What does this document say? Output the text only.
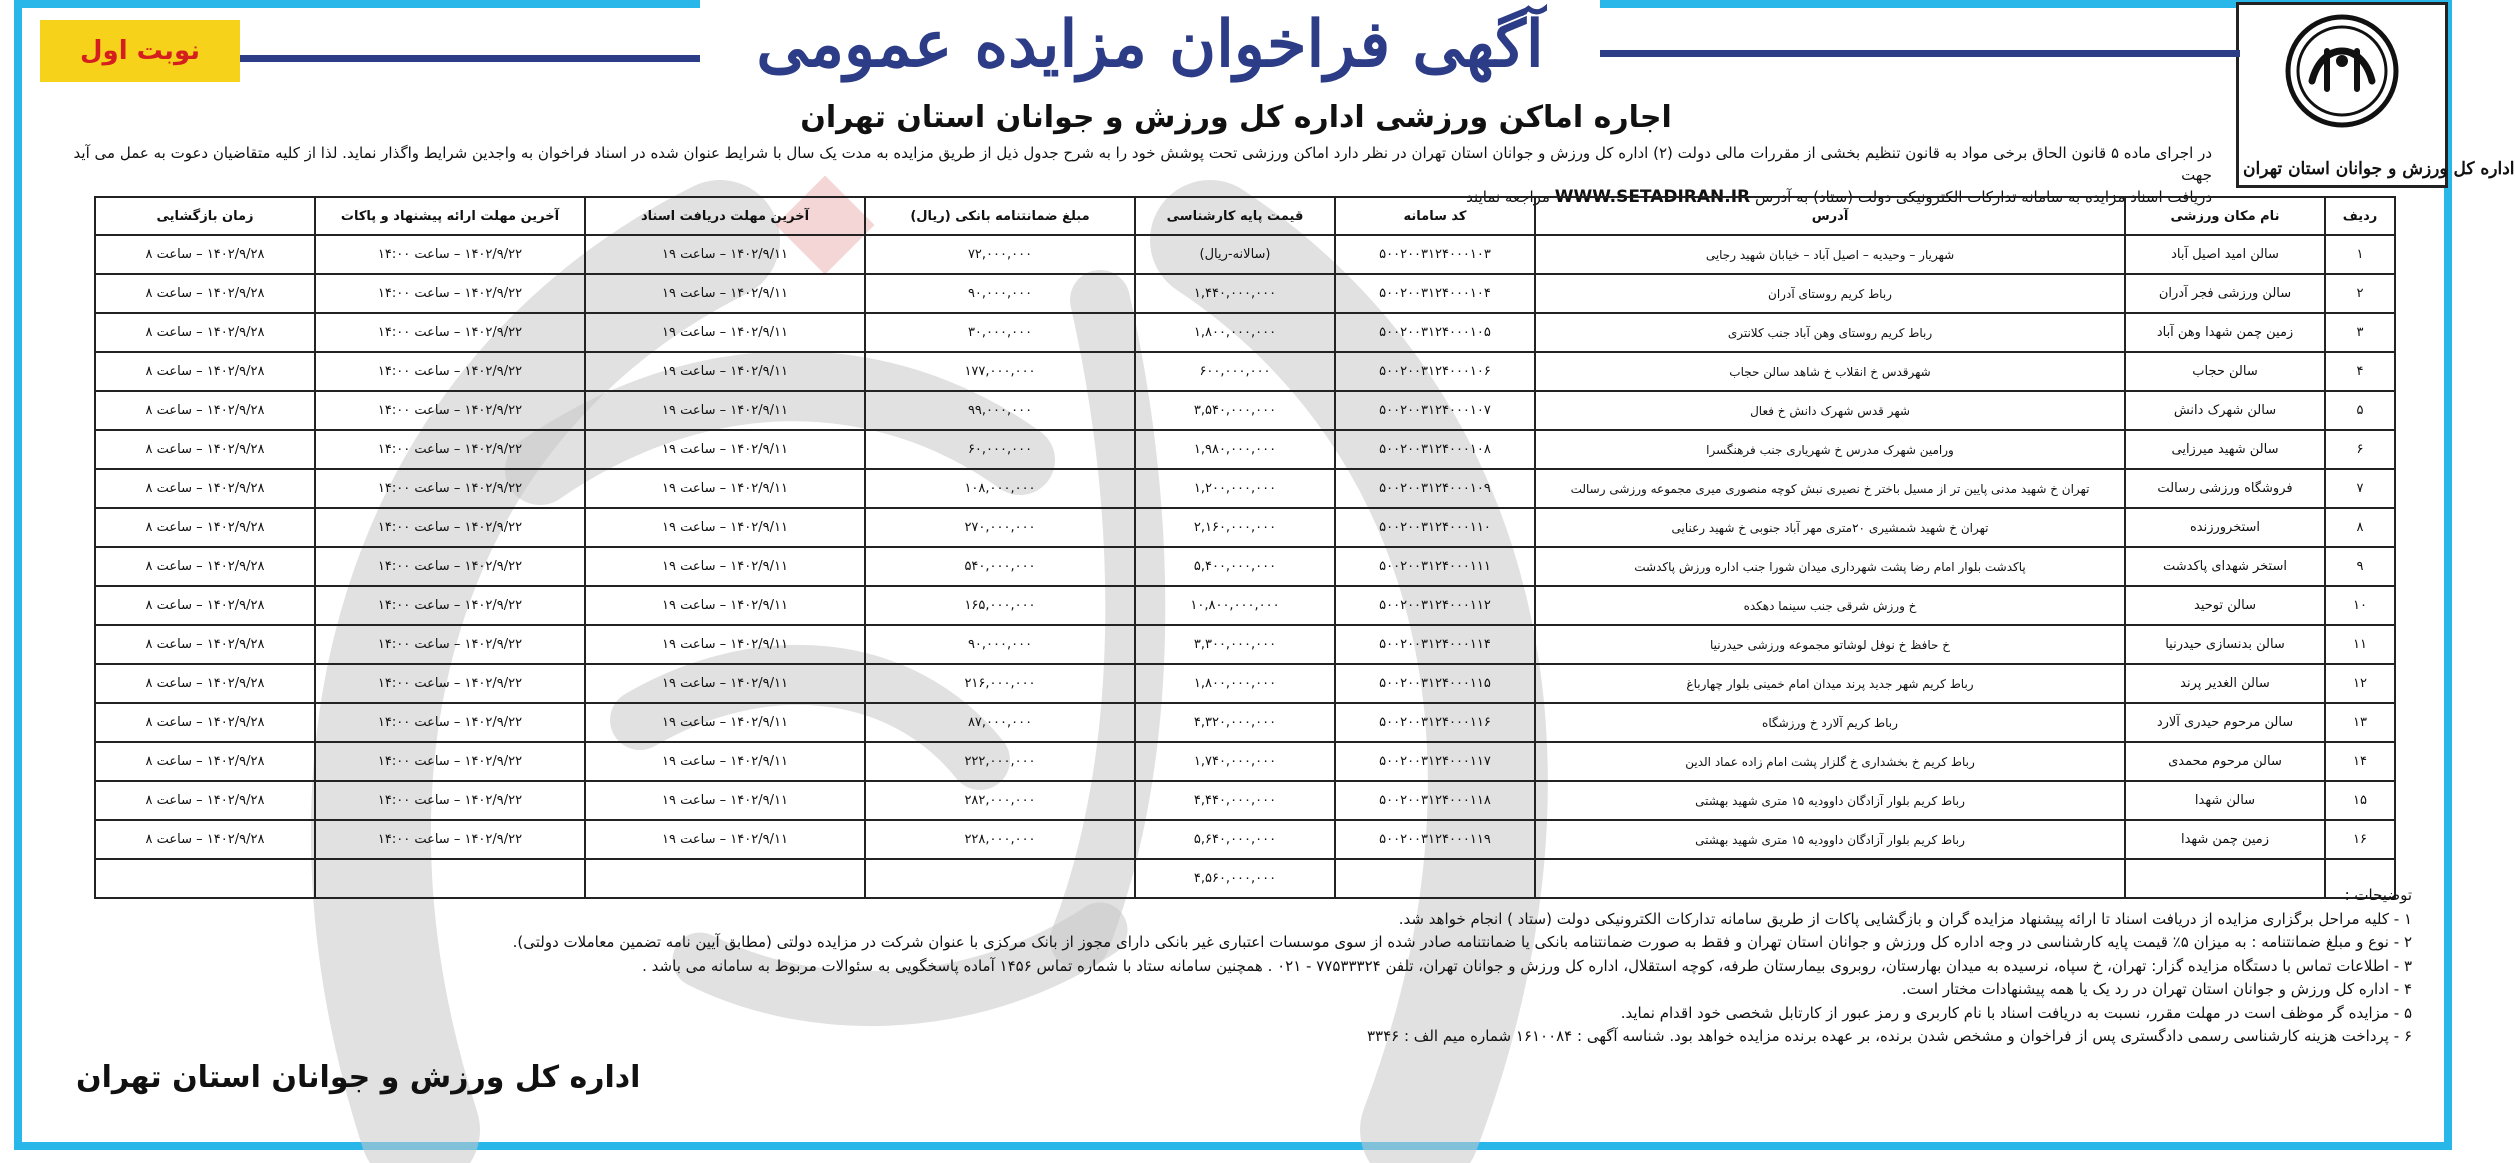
اداره کل ورزش و جوانان استان تهران
آگهی فراخوان مزایده عمومی
نوبت اول
اجاره اماکن ورزشی اداره کل ورزش و جوانان استان تهران
در اجرای ماده ۵ قانون الحاق برخی مواد به قانون تنظیم بخشی از مقررات مالی دولت (۲) اداره کل ورزش و جوانان استان تهران در نظر دارد اماکن ورزشی تحت پوشش خود را به شرح جدول ذیل از طریق مزایده به مدت یک سال با شرایط عنوان شده در اسناد فراخوان به واجدین شرایط واگذار نماید. لذا از کلیه متقاضیان دعوت به عمل می آید جهت
دریافت اسناد مزایده به سامانه تدارکات الکترونیکی دولت (ستاد) به آدرس WWW.SETADIRAN.IR مراجعه نمایند
ردیف	نام مکان ورزشی	آدرس	کد سامانه	قیمت پایه کارشناسی	مبلغ ضمانتنامه بانکی (ریال)	آخرین مهلت دریافت اسناد	آخرین مهلت ارائه پیشنهاد و پاکات	زمان بازگشایی
۱	سالن امید اصیل آباد	شهریار – وحیدیه – اصیل آباد – خیابان شهید رجایی	۵۰۰۲۰۰۳۱۲۴۰۰۰۱۰۳	(سالانه-ریال)	۷۲,۰۰۰,۰۰۰	۱۴۰۲/۹/۱۱ – ساعت ۱۹	۱۴۰۲/۹/۲۲ – ساعت ۱۴:۰۰	۱۴۰۲/۹/۲۸ – ساعت ۸
۲	سالن ورزشی فجر آدران	رباط کریم روستای آدران	۵۰۰۲۰۰۳۱۲۴۰۰۰۱۰۴	۱,۴۴۰,۰۰۰,۰۰۰	۹۰,۰۰۰,۰۰۰	۱۴۰۲/۹/۱۱ – ساعت ۱۹	۱۴۰۲/۹/۲۲ – ساعت ۱۴:۰۰	۱۴۰۲/۹/۲۸ – ساعت ۸
۳	زمین چمن شهدا وهن آباد	رباط کریم روستای وهن آباد جنب کلانتری	۵۰۰۲۰۰۳۱۲۴۰۰۰۱۰۵	۱,۸۰۰,۰۰۰,۰۰۰	۳۰,۰۰۰,۰۰۰	۱۴۰۲/۹/۱۱ – ساعت ۱۹	۱۴۰۲/۹/۲۲ – ساعت ۱۴:۰۰	۱۴۰۲/۹/۲۸ – ساعت ۸
۴	سالن حجاب	شهرقدس خ انقلاب خ شاهد سالن حجاب	۵۰۰۲۰۰۳۱۲۴۰۰۰۱۰۶	۶۰۰,۰۰۰,۰۰۰	۱۷۷,۰۰۰,۰۰۰	۱۴۰۲/۹/۱۱ – ساعت ۱۹	۱۴۰۲/۹/۲۲ – ساعت ۱۴:۰۰	۱۴۰۲/۹/۲۸ – ساعت ۸
۵	سالن شهرک دانش	شهر قدس شهرک دانش خ فعال	۵۰۰۲۰۰۳۱۲۴۰۰۰۱۰۷	۳,۵۴۰,۰۰۰,۰۰۰	۹۹,۰۰۰,۰۰۰	۱۴۰۲/۹/۱۱ – ساعت ۱۹	۱۴۰۲/۹/۲۲ – ساعت ۱۴:۰۰	۱۴۰۲/۹/۲۸ – ساعت ۸
۶	سالن شهید میرزایی	ورامین شهرک مدرس خ شهریاری جنب فرهنگسرا	۵۰۰۲۰۰۳۱۲۴۰۰۰۱۰۸	۱,۹۸۰,۰۰۰,۰۰۰	۶۰,۰۰۰,۰۰۰	۱۴۰۲/۹/۱۱ – ساعت ۱۹	۱۴۰۲/۹/۲۲ – ساعت ۱۴:۰۰	۱۴۰۲/۹/۲۸ – ساعت ۸
۷	فروشگاه ورزشی رسالت	تهران خ شهید مدنی پایین تر از مسیل باختر خ نصیری نبش کوچه منصوری میری مجموعه ورزشی رسالت	۵۰۰۲۰۰۳۱۲۴۰۰۰۱۰۹	۱,۲۰۰,۰۰۰,۰۰۰	۱۰۸,۰۰۰,۰۰۰	۱۴۰۲/۹/۱۱ – ساعت ۱۹	۱۴۰۲/۹/۲۲ – ساعت ۱۴:۰۰	۱۴۰۲/۹/۲۸ – ساعت ۸
۸	استخرورزنده	تهران خ شهید شمشیری ۲۰متری مهر آباد جنوبی خ شهید رعنایی	۵۰۰۲۰۰۳۱۲۴۰۰۰۱۱۰	۲,۱۶۰,۰۰۰,۰۰۰	۲۷۰,۰۰۰,۰۰۰	۱۴۰۲/۹/۱۱ – ساعت ۱۹	۱۴۰۲/۹/۲۲ – ساعت ۱۴:۰۰	۱۴۰۲/۹/۲۸ – ساعت ۸
۹	استخر شهدای پاکدشت	پاکدشت بلوار امام رضا پشت شهرداری میدان شورا جنب اداره ورزش پاکدشت	۵۰۰۲۰۰۳۱۲۴۰۰۰۱۱۱	۵,۴۰۰,۰۰۰,۰۰۰	۵۴۰,۰۰۰,۰۰۰	۱۴۰۲/۹/۱۱ – ساعت ۱۹	۱۴۰۲/۹/۲۲ – ساعت ۱۴:۰۰	۱۴۰۲/۹/۲۸ – ساعت ۸
۱۰	سالن توحید	خ ورزش شرقی جنب سینما دهکده	۵۰۰۲۰۰۳۱۲۴۰۰۰۱۱۲	۱۰,۸۰۰,۰۰۰,۰۰۰	۱۶۵,۰۰۰,۰۰۰	۱۴۰۲/۹/۱۱ – ساعت ۱۹	۱۴۰۲/۹/۲۲ – ساعت ۱۴:۰۰	۱۴۰۲/۹/۲۸ – ساعت ۸
۱۱	سالن بدنسازی حیدرنیا	خ حافظ خ نوفل لوشاتو مجموعه ورزشی حیدرنیا	۵۰۰۲۰۰۳۱۲۴۰۰۰۱۱۴	۳,۳۰۰,۰۰۰,۰۰۰	۹۰,۰۰۰,۰۰۰	۱۴۰۲/۹/۱۱ – ساعت ۱۹	۱۴۰۲/۹/۲۲ – ساعت ۱۴:۰۰	۱۴۰۲/۹/۲۸ – ساعت ۸
۱۲	سالن الغدیر پرند	رباط کریم شهر جدید پرند میدان امام خمینی بلوار چهارباغ	۵۰۰۲۰۰۳۱۲۴۰۰۰۱۱۵	۱,۸۰۰,۰۰۰,۰۰۰	۲۱۶,۰۰۰,۰۰۰	۱۴۰۲/۹/۱۱ – ساعت ۱۹	۱۴۰۲/۹/۲۲ – ساعت ۱۴:۰۰	۱۴۰۲/۹/۲۸ – ساعت ۸
۱۳	سالن مرحوم حیدری آلارد	رباط کریم آلارد خ ورزشگاه	۵۰۰۲۰۰۳۱۲۴۰۰۰۱۱۶	۴,۳۲۰,۰۰۰,۰۰۰	۸۷,۰۰۰,۰۰۰	۱۴۰۲/۹/۱۱ – ساعت ۱۹	۱۴۰۲/۹/۲۲ – ساعت ۱۴:۰۰	۱۴۰۲/۹/۲۸ – ساعت ۸
۱۴	سالن مرحوم محمدی	رباط کریم خ بخشداری خ گلزار پشت امام زاده عماد الدین	۵۰۰۲۰۰۳۱۲۴۰۰۰۱۱۷	۱,۷۴۰,۰۰۰,۰۰۰	۲۲۲,۰۰۰,۰۰۰	۱۴۰۲/۹/۱۱ – ساعت ۱۹	۱۴۰۲/۹/۲۲ – ساعت ۱۴:۰۰	۱۴۰۲/۹/۲۸ – ساعت ۸
۱۵	سالن شهدا	رباط کریم بلوار آزادگان داوودیه ۱۵ متری شهید بهشتی	۵۰۰۲۰۰۳۱۲۴۰۰۰۱۱۸	۴,۴۴۰,۰۰۰,۰۰۰	۲۸۲,۰۰۰,۰۰۰	۱۴۰۲/۹/۱۱ – ساعت ۱۹	۱۴۰۲/۹/۲۲ – ساعت ۱۴:۰۰	۱۴۰۲/۹/۲۸ – ساعت ۸
۱۶	زمین چمن شهدا	رباط کریم بلوار آزادگان داوودیه ۱۵ متری شهید بهشتی	۵۰۰۲۰۰۳۱۲۴۰۰۰۱۱۹	۵,۶۴۰,۰۰۰,۰۰۰	۲۲۸,۰۰۰,۰۰۰	۱۴۰۲/۹/۱۱ – ساعت ۱۹	۱۴۰۲/۹/۲۲ – ساعت ۱۴:۰۰	۱۴۰۲/۹/۲۸ – ساعت ۸
				۴,۵۶۰,۰۰۰,۰۰۰				
توضیحات :
۱ - کلیه مراحل برگزاری مزایده از دریافت اسناد تا ارائه پیشنهاد مزایده گران و بازگشایی پاکات از طریق سامانه تدارکات الکترونیکی دولت (ستاد ) انجام خواهد شد.
۲ - نوع و مبلغ ضمانتنامه : به میزان ۵٪ قیمت پایه کارشناسی در وجه اداره کل ورزش و جوانان استان تهران و فقط به صورت ضمانتنامه بانکی یا ضمانتنامه صادر شده از سوی موسسات اعتباری غیر بانکی دارای مجوز از بانک مرکزی با عنوان شرکت در مزایده دولتی (مطابق آیین نامه تضمین معاملات دولتی).
۳ - اطلاعات تماس با دستگاه مزایده گزار: تهران، خ سپاه، نرسیده به میدان بهارستان، روبروی بیمارستان طرفه، کوچه استقلال، اداره کل ورزش و جوانان تهران، تلفن ۷۷۵۳۳۳۲۴ - ۰۲۱ . همچنین سامانه ستاد با شماره تماس ۱۴۵۶ آماده پاسخگویی به سئوالات مربوط به سامانه می باشد .
۴ - اداره کل ورزش و جوانان استان تهران در رد یک یا همه پیشنهادات مختار است.
۵ - مزایده گر موظف است در مهلت مقرر، نسبت به دریافت اسناد با نام کاربری و رمز عبور از کارتابل شخصی خود اقدام نماید.
۶ - پرداخت هزینه کارشناسی رسمی دادگستری پس از فراخوان و مشخص شدن برنده، بر عهده برنده مزایده خواهد بود. شناسه آگهی : ۱۶۱۰۰۸۴ شماره میم الف : ۳۳۴۶
اداره کل ورزش و جوانان استان تهران
